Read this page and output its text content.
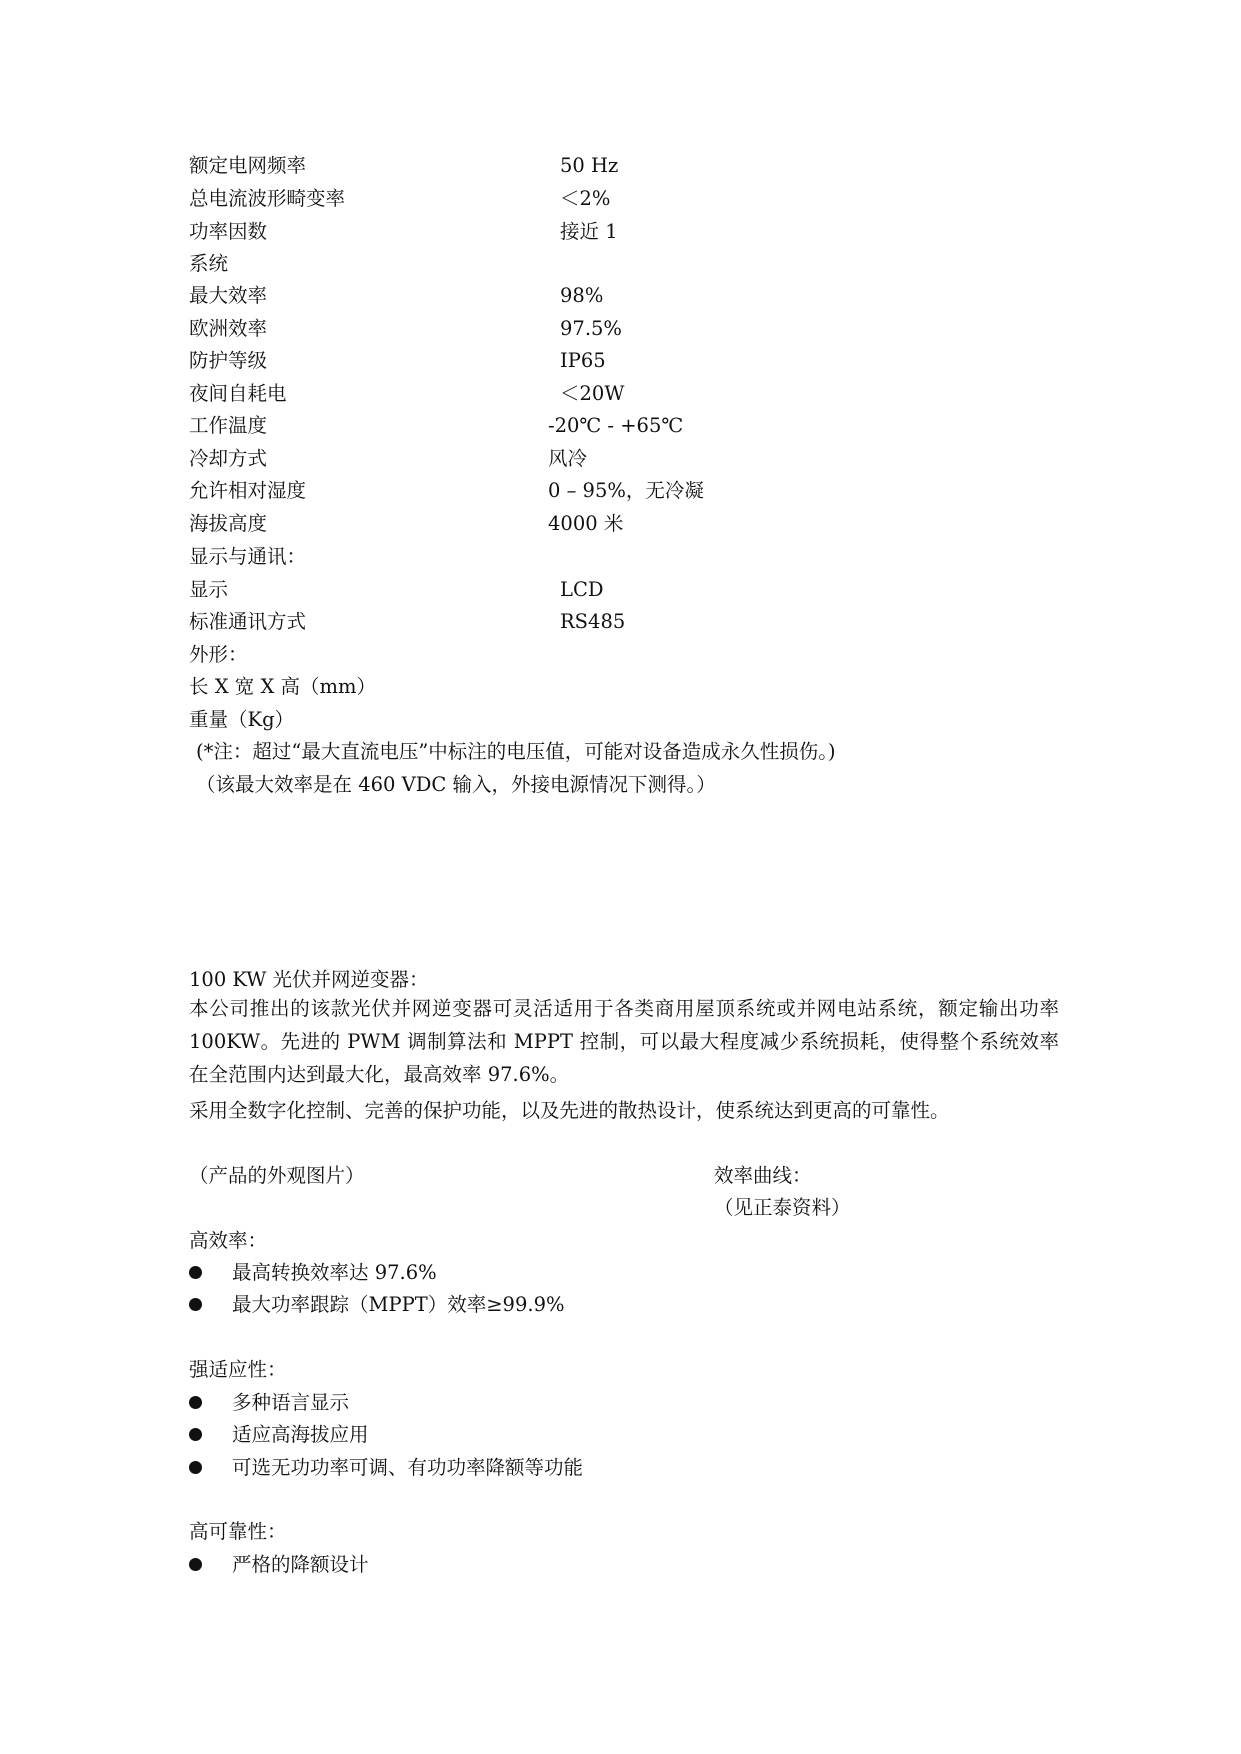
额定电网频率	50 Hz
总电流波形畸变率	＜2%
功率因数	接近 1
系统
最大效率	98%
欧洲效率	97.5%
防护等级	IP65
夜间自耗电	＜20W
工作温度	-20℃ - +65℃
冷却方式	风冷
允许相对湿度	0 – 95%，无冷凝
海拔高度	4000 米
显示与通讯：
显示	LCD
标准通讯方式	RS485
外形：
长 X 宽 X 高（mm）
重量（Kg）
(*注：超过“最大直流电压”中标注的电压值，可能对设备造成永久性损伤。)
（该最大效率是在 460 VDC 输入，外接电源情况下测得。）
100 KW 光伏并网逆变器：
本公司推出的该款光伏并网逆变器可灵活适用于各类商用屋顶系统或并网电站系统，额定输出功率 100KW。先进的 PWM 调制算法和 MPPT 控制，可以最大程度减少系统损耗，使得整个系统效率在全范围内达到最大化，最高效率 97.6%。
采用全数字化控制、完善的保护功能，以及先进的散热设计，使系统达到更高的可靠性。
（产品的外观图片）	效率曲线：
（见正泰资料）
高效率：
最高转换效率达 97.6%
最大功率跟踪（MPPT）效率≥99.9%
强适应性：
多种语言显示
适应高海拔应用
可选无功功率可调、有功功率降额等功能
高可靠性：
严格的降额设计
